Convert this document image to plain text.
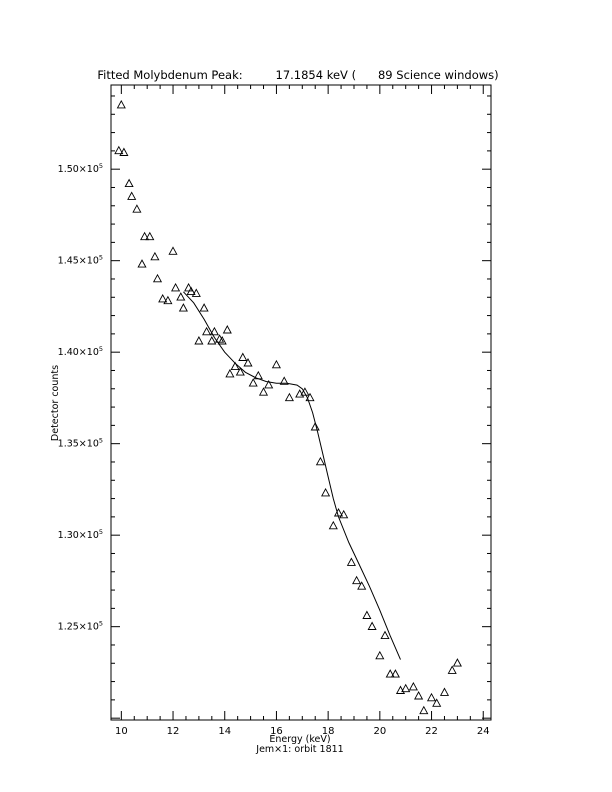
Fitted Molybdenum Peak:         17.1854 keV (      89 Science windows)
10	12	14	16	18	20	22	24
$1.25\times 10^5$
$1.30\times 10^5$
$1.35\times 10^5$
$1.40\times 10^5$
$1.45\times 10^5$
$1.50\times 10^5$
Energy (keV)
Jem×1: orbit 1811
Detector counts
